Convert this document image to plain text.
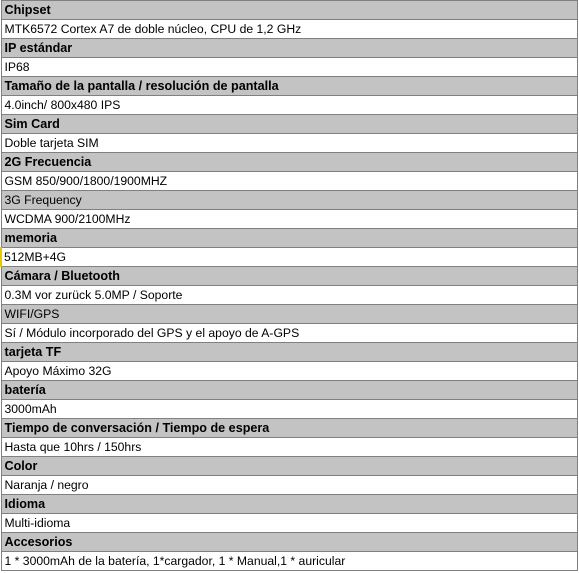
Chipset
MTK6572 Cortex A7 de doble núcleo, CPU de 1,2 GHz
IP estándar
IP68
Tamaño de la pantalla / resolución de pantalla
4.0inch/ 800x480 IPS
Sim Card
Doble tarjeta SIM
2G Frecuencia
GSM 850/900/1800/1900MHZ
3G Frequency
WCDMA 900/2100MHz
memoria
512MB+4G
Cámara / Bluetooth
0.3M vor zurück 5.0MP / Soporte
WIFI/GPS
Sí / Módulo incorporado del GPS y el apoyo de A-GPS
tarjeta TF
Apoyo Máximo 32G
batería
3000mAh
Tiempo de conversación / Tiempo de espera
Hasta que 10hrs / 150hrs
Color
Naranja / negro
Idioma
Multi-idioma
Accesorios
1 * 3000mAh de la batería, 1*cargador, 1 * Manual,1 * auricular
